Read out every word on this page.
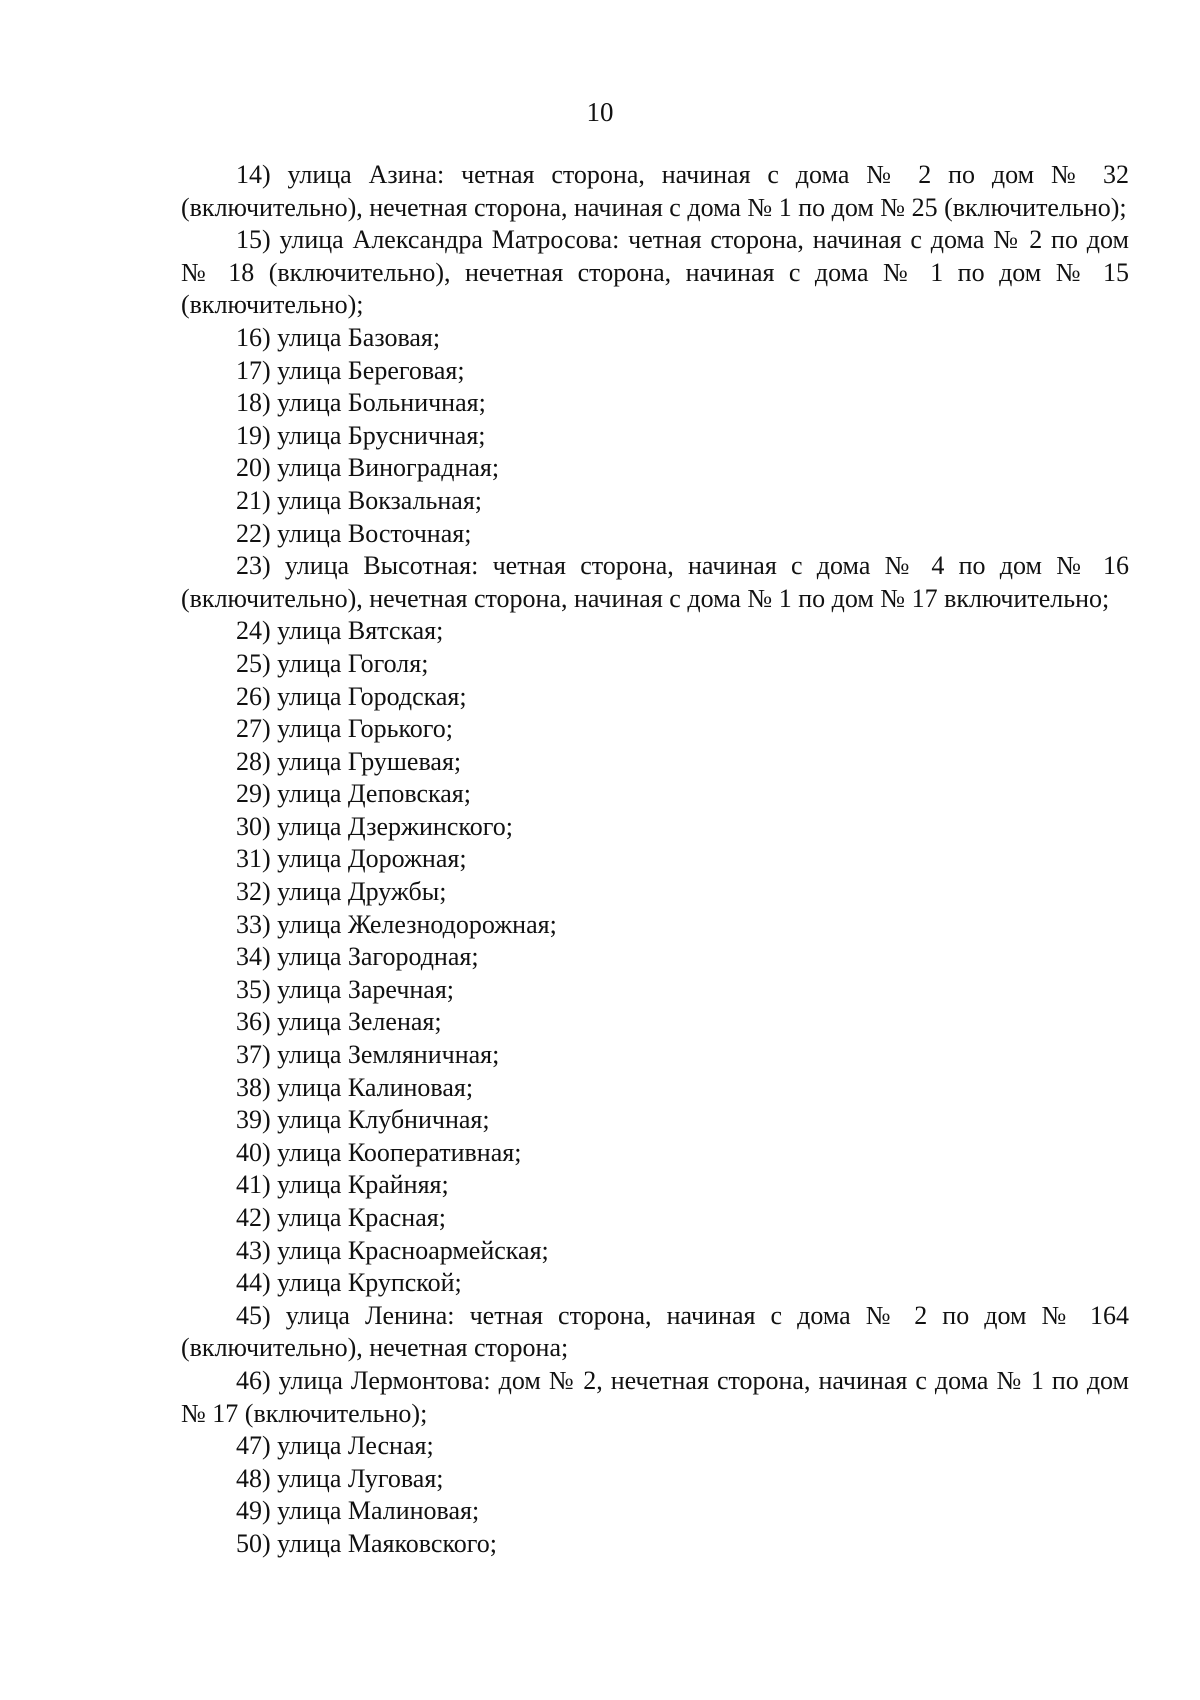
10

14) улица Азина: четная сторона, начиная с дома № 2 по дом № 32 (включительно), нечетная сторона, начиная с дома № 1 по дом № 25 (включительно);

15) улица Александра Матросова: четная сторона, начиная с дома № 2 по дом № 18 (включительно), нечетная сторона, начиная с дома № 1 по дом № 15 (включительно);

16) улица Базовая;

17) улица Береговая;

18) улица Больничная;

19) улица Брусничная;

20) улица Виноградная;

21) улица Вокзальная;

22) улица Восточная;

23) улица Высотная: четная сторона, начиная с дома № 4 по дом № 16 (включительно), нечетная сторона, начиная с дома № 1 по дом № 17 включительно;

24) улица Вятская;

25) улица Гоголя;

26) улица Городская;

27) улица Горького;

28) улица Грушевая;

29) улица Деповская;

30) улица Дзержинского;

31) улица Дорожная;

32) улица Дружбы;

33) улица Железнодорожная;

34) улица Загородная;

35) улица Заречная;

36) улица Зеленая;

37) улица Земляничная;

38) улица Калиновая;

39) улица Клубничная;

40) улица Кооперативная;

41) улица Крайняя;

42) улица Красная;

43) улица Красноармейская;

44) улица Крупской;

45) улица Ленина: четная сторона, начиная с дома № 2 по дом № 164 (включительно), нечетная сторона;

46) улица Лермонтова: дом № 2, нечетная сторона, начиная с дома № 1 по дом № 17 (включительно);

47) улица Лесная;

48) улица Луговая;

49) улица Малиновая;

50) улица Маяковского;
